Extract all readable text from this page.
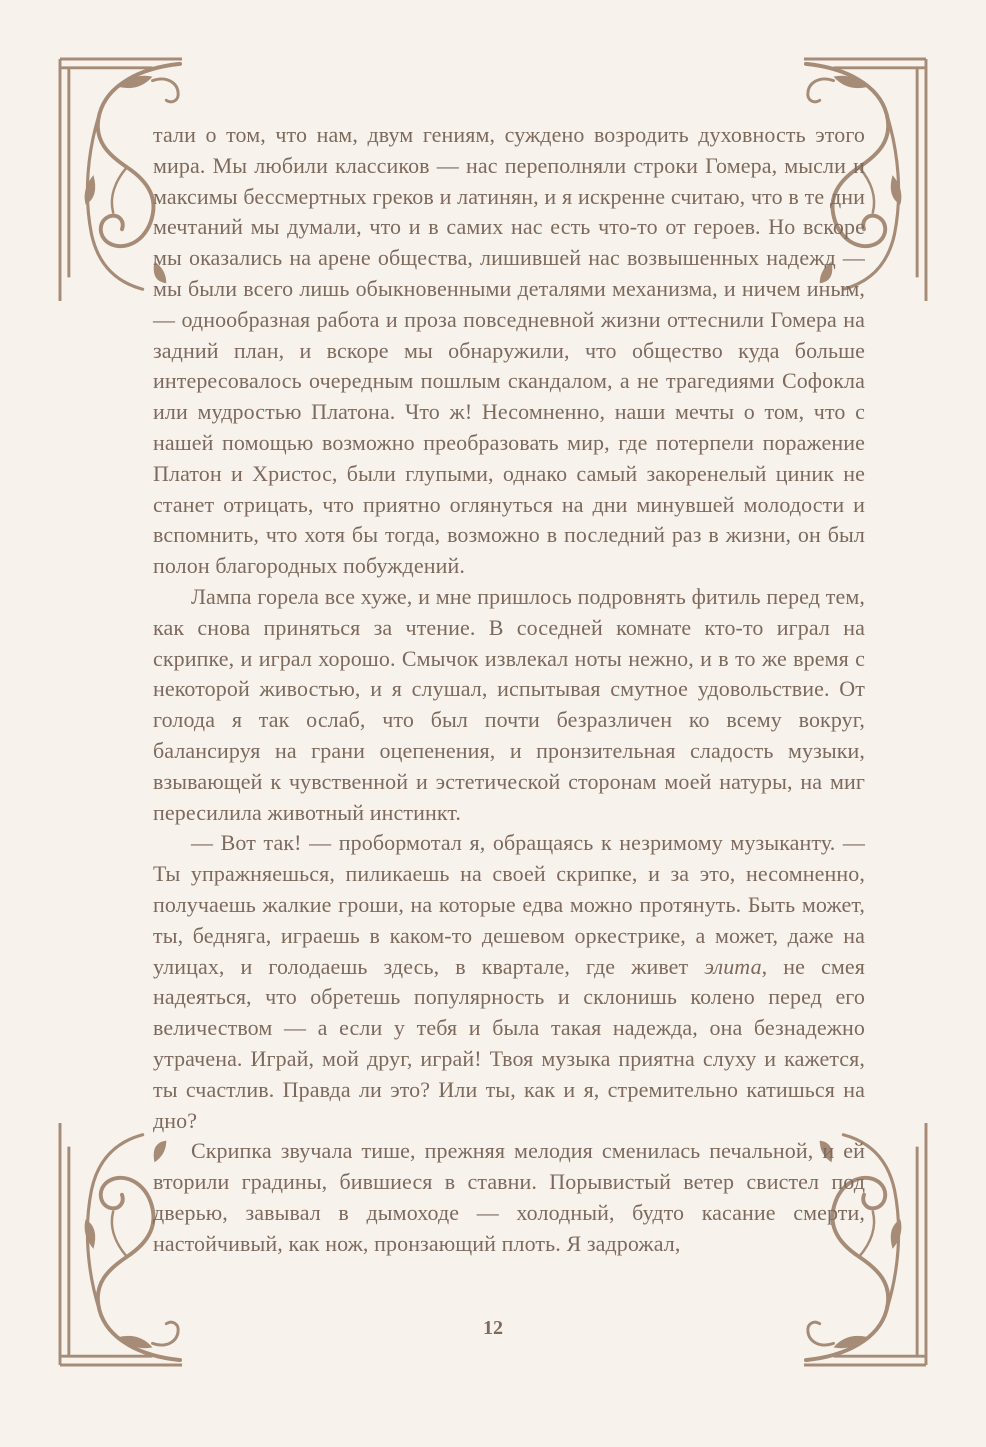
тали о том, что нам, двум гениям, суждено возродить духовность этого мира. Мы любили классиков — нас переполняли строки Гомера, мысли и максимы бессмертных греков и латинян, и я искренне считаю, что в те дни мечтаний мы думали, что и в самих нас есть что-то от героев. Но вскоре мы оказались на арене общества, лишившей нас возвышенных надежд — мы были всего лишь обыкновенными деталями механизма, и ничем иным, — однообразная работа и проза повседневной жизни оттеснили Гомера на задний план, и вскоре мы обнаружили, что общество куда больше интересовалось очередным пошлым скандалом, а не трагедиями Софокла или мудростью Платона. Что ж! Несомненно, наши мечты о том, что с нашей помощью возможно преобразовать мир, где потерпели поражение Платон и Христос, были глупыми, однако самый закоренелый циник не станет отрицать, что приятно оглянуться на дни минувшей молодости и вспомнить, что хотя бы тогда, возможно в последний раз в жизни, он был полон благородных побуждений.

Лампа горела все хуже, и мне пришлось подровнять фитиль перед тем, как снова приняться за чтение. В соседней комнате кто-то играл на скрипке, и играл хорошо. Смычок извлекал ноты нежно, и в то же время с некоторой живостью, и я слушал, испытывая смутное удовольствие. От голода я так ослаб, что был почти безразличен ко всему вокруг, балансируя на грани оцепенения, и пронзительная сладость музыки, взывающей к чувственной и эстетической сторонам моей натуры, на миг пересилила животный инстинкт.

— Вот так! — пробормотал я, обращаясь к незримому музыканту. — Ты упражняешься, пиликаешь на своей скрипке, и за это, несомненно, получаешь жалкие гроши, на которые едва можно протянуть. Быть может, ты, бедняга, играешь в каком-то дешевом оркестрике, а может, даже на улицах, и голодаешь здесь, в квартале, где живет элита, не смея надеяться, что обретешь популярность и склонишь колено перед его величеством — а если у тебя и была такая надежда, она безнадежно утрачена. Играй, мой друг, играй! Твоя музыка приятна слуху и кажется, ты счастлив. Правда ли это? Или ты, как и я, стремительно катишься на дно?

Скрипка звучала тише, прежняя мелодия сменилась печальной, и ей вторили градины, бившиеся в ставни. Порывистый ветер свистел под дверью, завывал в дымоходе — холодный, будто касание смерти, настойчивый, как нож, пронзающий плоть. Я задрожал,

12
